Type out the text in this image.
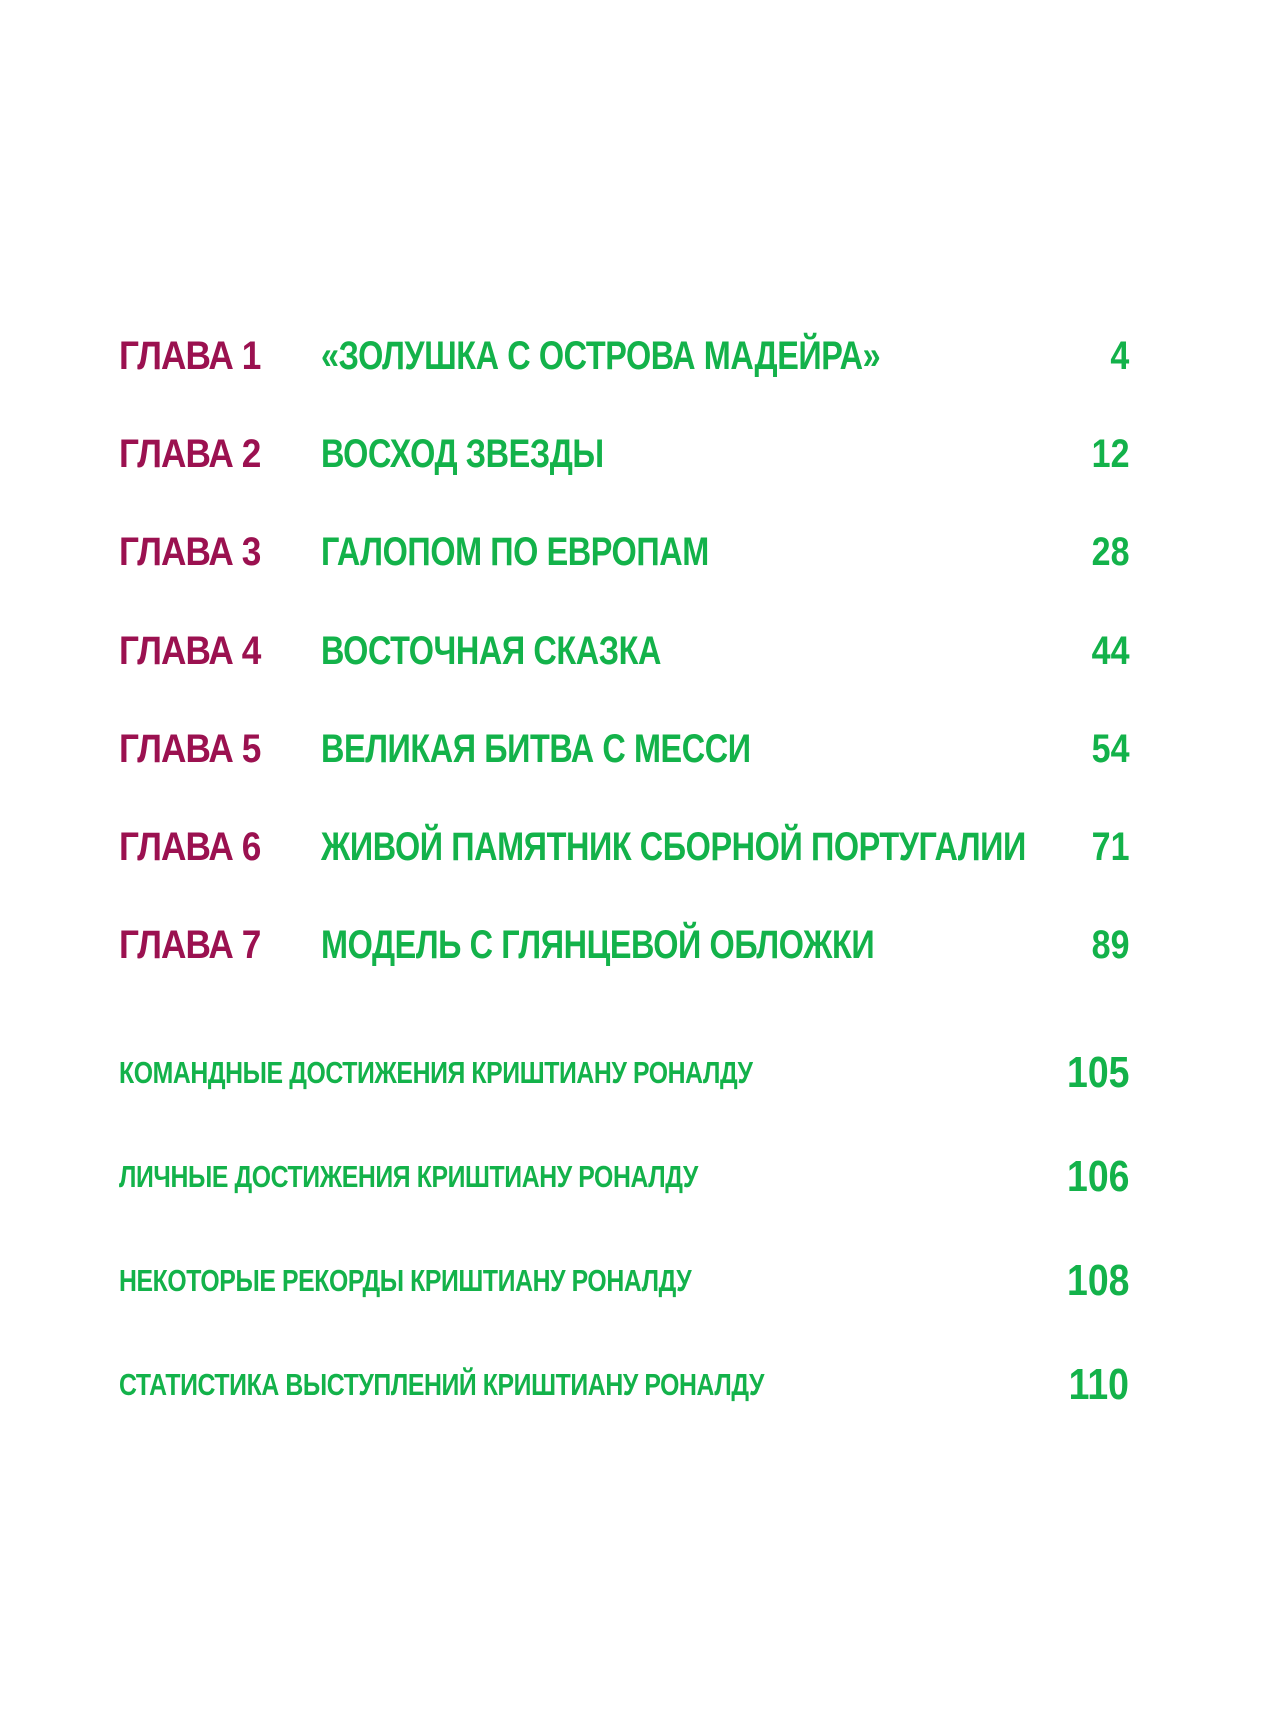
ГЛАВА 1 «ЗОЛУШКА С ОСТРОВА МАДЕЙРА»	4
ГЛАВА 2 ВОСХОД ЗВЕЗДЫ	12
ГЛАВА 3 ГАЛОПОМ ПО ЕВРОПАМ	28
ГЛАВА 4 ВОСТОЧНАЯ СКАЗКА	44
ГЛАВА 5 ВЕЛИКАЯ БИТВА С МЕССИ	54
ГЛАВА 6 ЖИВОЙ ПАМЯТНИК СБОРНОЙ ПОРТУГАЛИИ 71
ГЛАВА 7 МОДЕЛЬ С ГЛЯНЦЕВОЙ ОБЛОЖКИ	89
КОМАНДНЫЕ ДОСТИЖЕНИЯ КРИШТИАНУ РОНАЛДУ	105
ЛИЧНЫЕ ДОСТИЖЕНИЯ КРИШТИАНУ РОНАЛДУ	106
НЕКОТОРЫЕ РЕКОРДЫ КРИШТИАНУ РОНАЛДУ	108
СТАТИСТИКА ВЫСТУПЛЕНИЙ КРИШТИАНУ РОНАЛДУ	110
